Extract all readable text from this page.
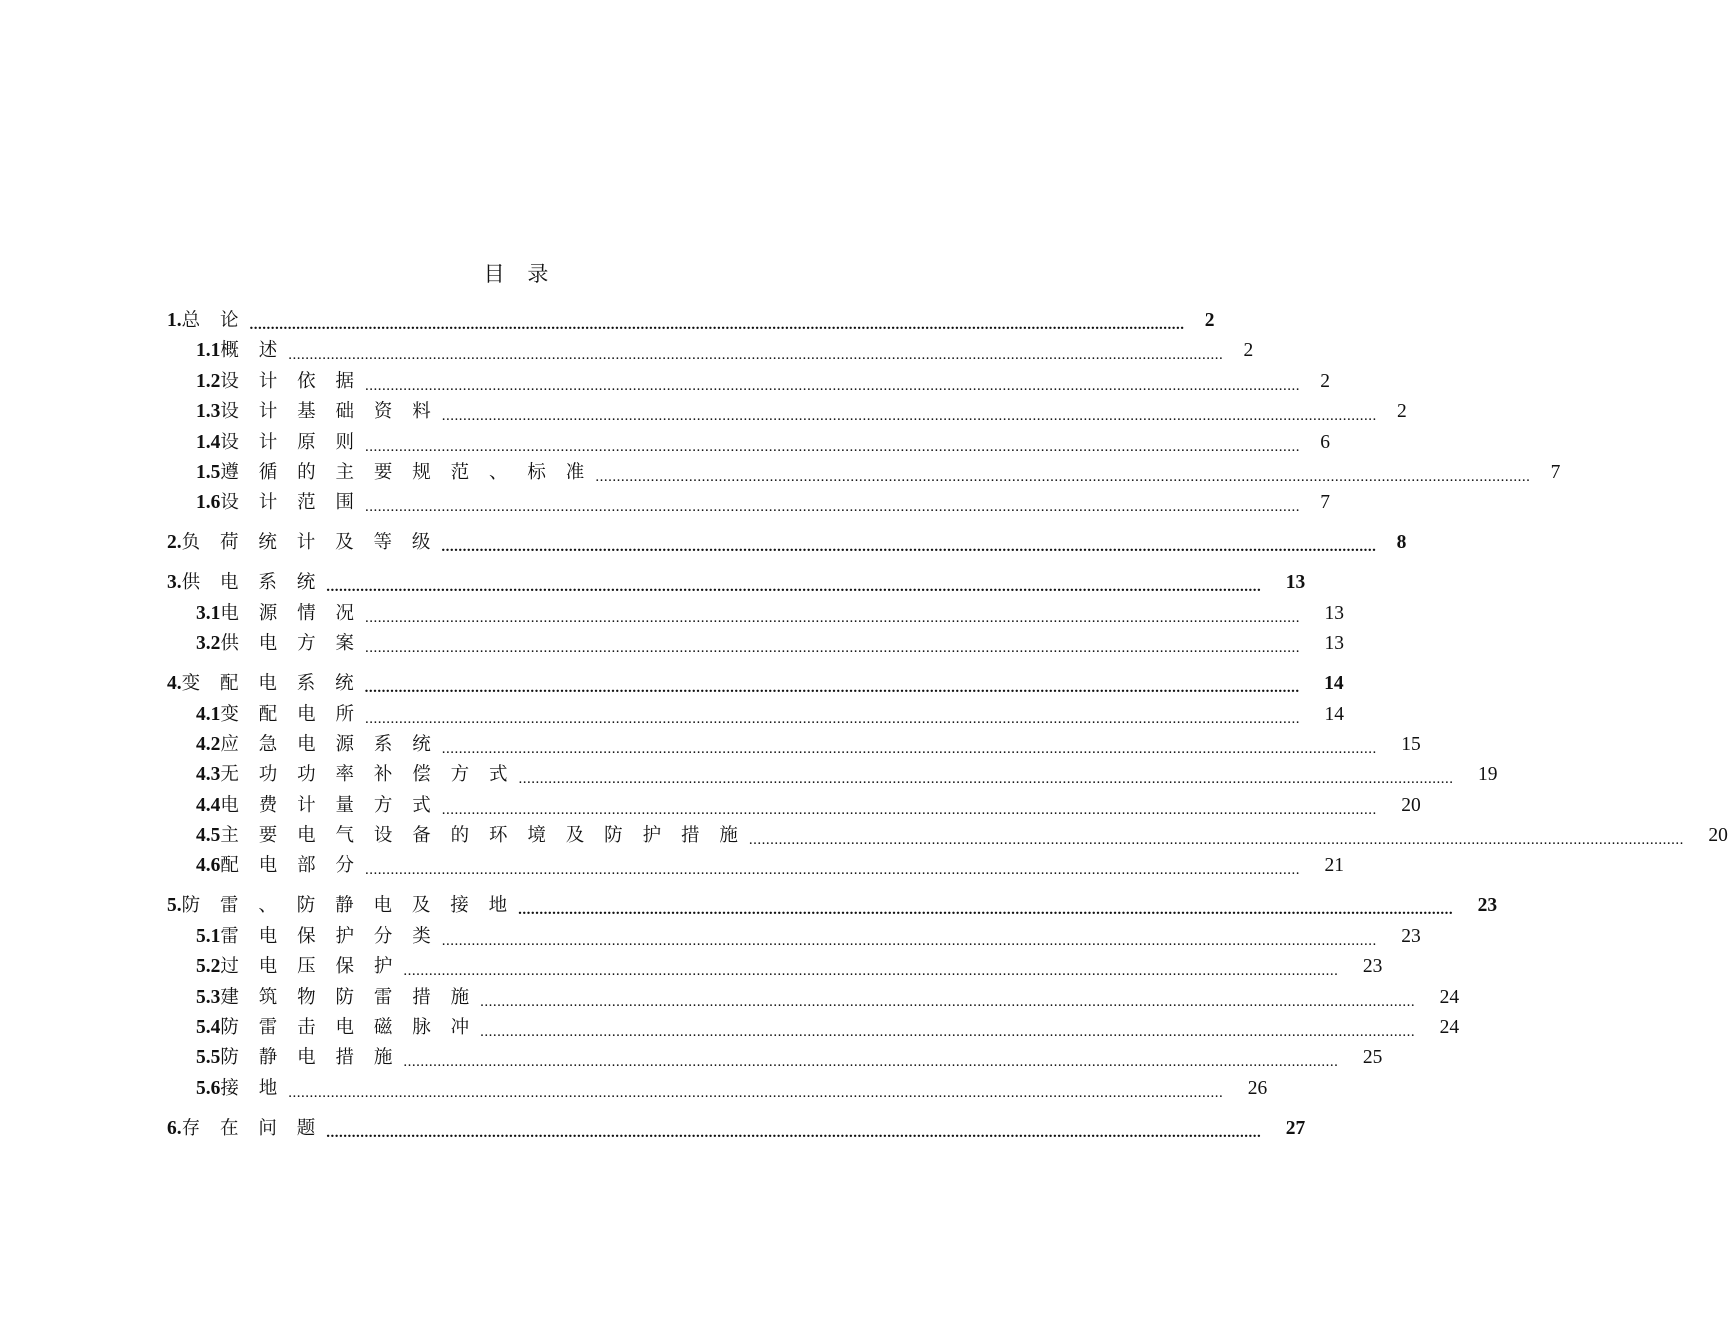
目 录
1. 总 论 ............................................................................................................................................................................................................................	2
1.1 概 述 ............................................................................................................................................................................................................................	2
1.2 设 计 依 据 ............................................................................................................................................................................................................................	2
1.3 设 计 基 础 资 料 ............................................................................................................................................................................................................................	2
1.4 设 计 原 则 ............................................................................................................................................................................................................................	6
1.5 遵 循 的 主 要 规 范 、 标 准 ............................................................................................................................................................................................................................	7
1.6 设 计 范 围 ............................................................................................................................................................................................................................	7
2. 负 荷 统 计 及 等 级 ............................................................................................................................................................................................................................	8
3. 供 电 系 统 ............................................................................................................................................................................................................................	13
3.1 电 源 情 况 ............................................................................................................................................................................................................................	13
3.2 供 电 方 案 ............................................................................................................................................................................................................................	13
4. 变 配 电 系 统 ............................................................................................................................................................................................................................	14
4.1 变 配 电 所 ............................................................................................................................................................................................................................	14
4.2 应 急 电 源 系 统 ............................................................................................................................................................................................................................	15
4.3 无 功 功 率 补 偿 方 式 ............................................................................................................................................................................................................................	19
4.4 电 费 计 量 方 式 ............................................................................................................................................................................................................................	20
4.5 主 要 电 气 设 备 的 环 境 及 防 护 措 施 ............................................................................................................................................................................................................................	20
4.6 配 电 部 分 ............................................................................................................................................................................................................................	21
5. 防 雷 、 防 静 电 及 接 地 ............................................................................................................................................................................................................................	23
5.1 雷 电 保 护 分 类 ............................................................................................................................................................................................................................	23
5.2 过 电 压 保 护 ............................................................................................................................................................................................................................	23
5.3 建 筑 物 防 雷 措 施 ............................................................................................................................................................................................................................	24
5.4 防 雷 击 电 磁 脉 冲 ............................................................................................................................................................................................................................	24
5.5 防 静 电 措 施 ............................................................................................................................................................................................................................	25
5.6 接 地 ............................................................................................................................................................................................................................	26
6. 存 在 问 题 ............................................................................................................................................................................................................................	27
